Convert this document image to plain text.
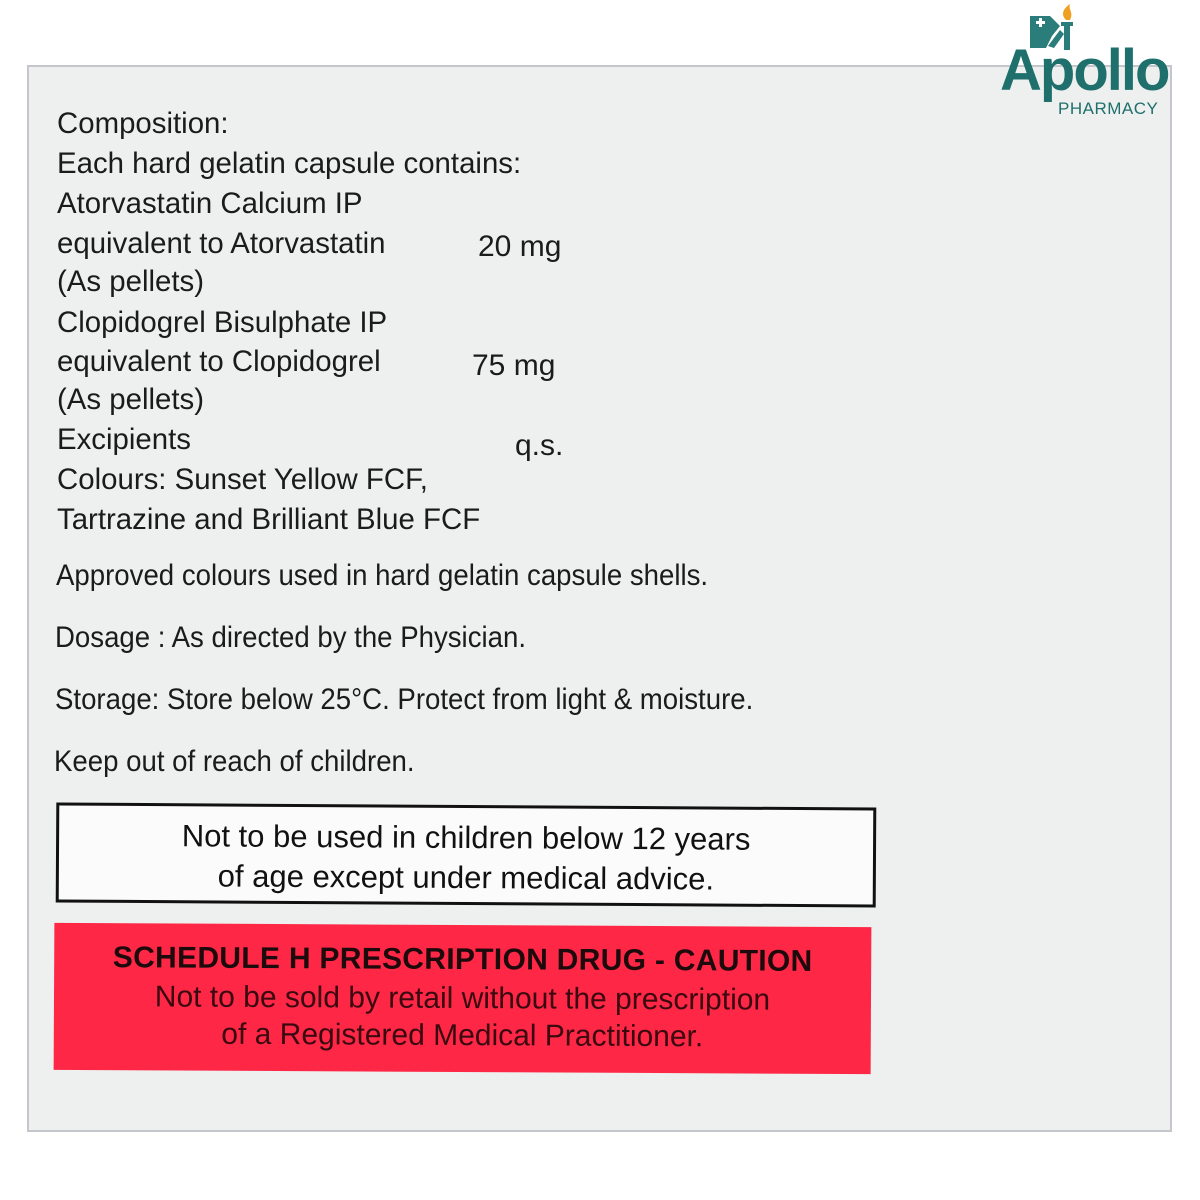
Apollo
PHARMACY
Composition:
Each hard gelatin capsule contains:
Atorvastatin Calcium IP
equivalent to Atorvastatin	20 mg
(As pellets)
Clopidogrel Bisulphate IP
equivalent to Clopidogrel	75 mg
(As pellets)
Excipients	q.s.
Colours: Sunset Yellow FCF,
Tartrazine and Brilliant Blue FCF
Approved colours used in hard gelatin capsule shells.
Dosage : As directed by the Physician.
Storage: Store below 25°C. Protect from light & moisture.
Keep out of reach of children.
Not to be used in children below 12 years
of age except under medical advice.
SCHEDULE H PRESCRIPTION DRUG - CAUTION
Not to be sold by retail without the prescription
of a Registered Medical Practitioner.
